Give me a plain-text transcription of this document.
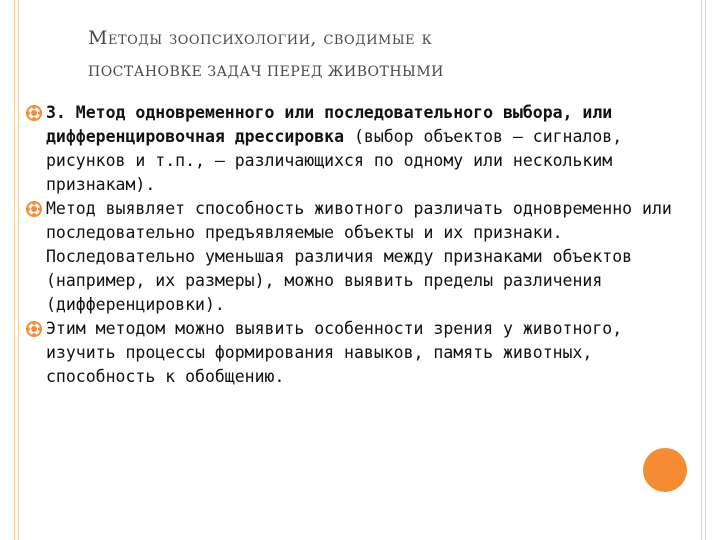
Методы зоопсихологии, сводимые к
ПОСТАНОВКЕ ЗАДАЧ ПЕРЕД ЖИВОТНЫМИ
3. Метод одновременного или последовательного выбора, или дифференцировочная дрессировка (выбор объектов – сигналов, рисунков и т.п., – различающихся по одному или нескольким признакам).
Метод выявляет способность животного различать одновременно или последовательно предъявляемые объекты и их признаки. Последовательно уменьшая различия между признаками объектов (например, их размеры), можно выявить пределы различения (дифференцировки).
Этим методом можно выявить особенности зрения у животного, изучить процессы формирования навыков, память животных, способность к обобщению.
